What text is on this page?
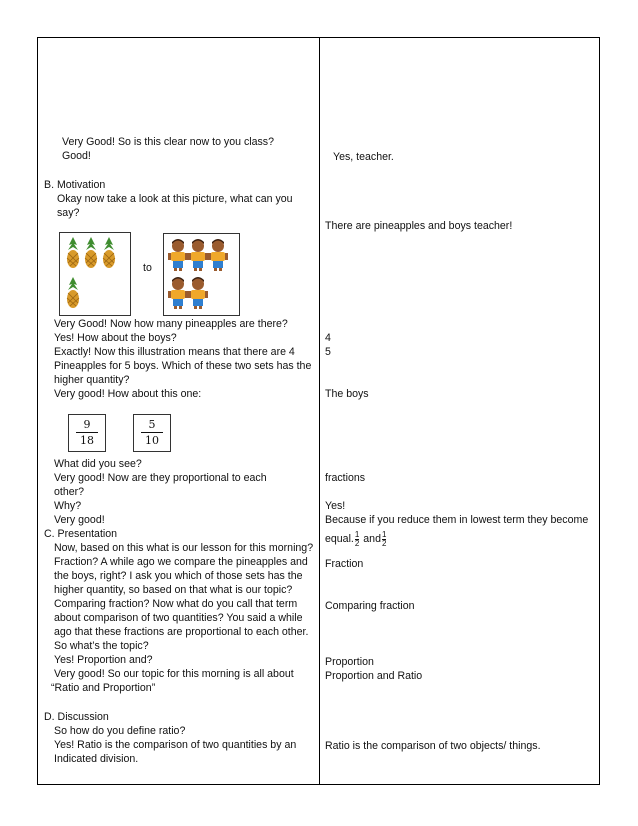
Very Good! So is this clear now to you class?
Good!
B. Motivation
Okay now take a look at this picture, what can you
say?
to
Very Good! Now how many pineapples are there?
Yes! How about the boys?
Exactly! Now this illustration means that there are 4
Pineapples for 5 boys. Which of these two sets has the
higher quantity?
Very good! How about this one:
9
18
5
10
What did you see?
Very good! Now are they proportional to each
other?
Why?
Very good!
C. Presentation
Now, based on this what is our lesson for this morning?
Fraction? A while ago we compare the pineapples and
the boys, right? I ask you which of those sets has the
higher quantity, so based on that what is our topic?
Comparing fraction? Now what do you call that term
about comparison of two quantities? You said a while
ago that these fractions are proportional to each other.
So what’s the topic?
Yes! Proportion and?
Very good! So our topic for this morning is all about
“Ratio and Proportion”
D. Discussion
So how do you define ratio?
Yes! Ratio is the comparison of two quantities by an
Indicated division.
Yes, teacher.
There are pineapples and boys teacher!
4
5
The boys
fractions
Yes!
Because if you reduce them in lowest term they become
equal. $\frac{1}{2}$ and $\frac{1}{2}$
Fraction
Comparing fraction
Proportion
Proportion and Ratio
Ratio is the comparison of two objects/ things.
